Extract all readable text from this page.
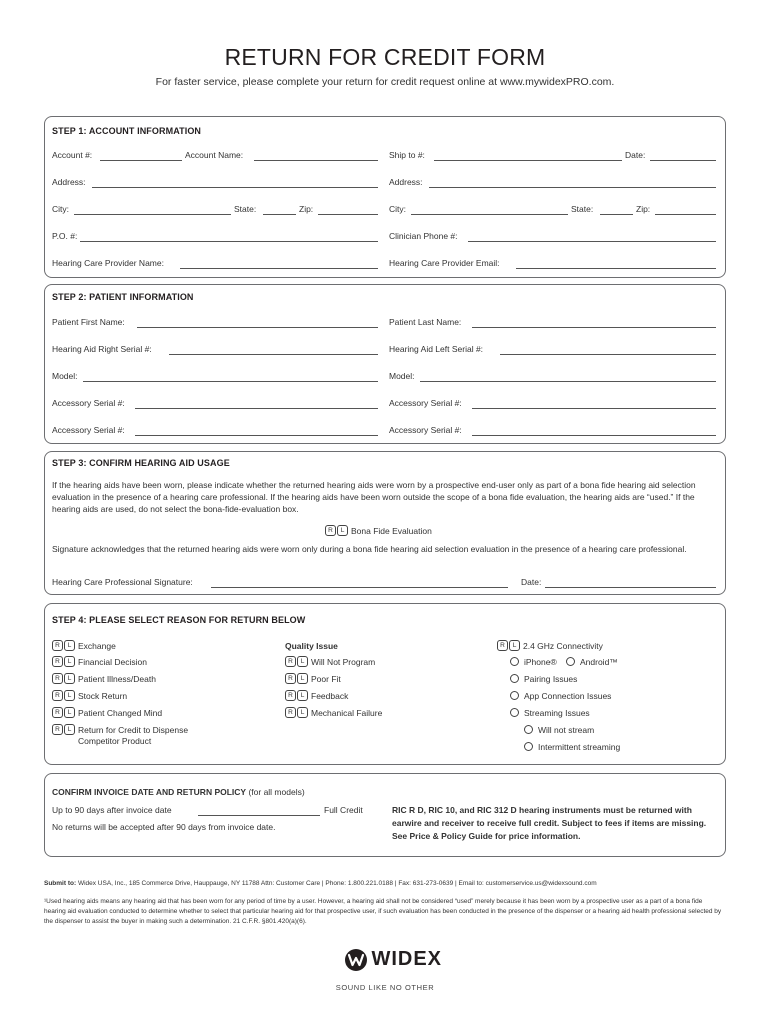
RETURN FOR CREDIT FORM
For faster service, please complete your return for credit request online at www.mywidexPRO.com.
STEP 1: ACCOUNT INFORMATION
Account #:	Account Name:	Ship to #:	Date:
Address:	Address:
City:	State:	Zip:	City:	State:	Zip:
P.O. #:	Clinician Phone #:
Hearing Care Provider Name:	Hearing Care Provider Email:
STEP 2: PATIENT INFORMATION
Patient First Name:	Patient Last Name:
Hearing Aid Right Serial #:	Hearing Aid Left Serial #:
Model:	Model:
Accessory Serial #:	Accessory Serial #:
Accessory Serial #:	Accessory Serial #:
STEP 3: CONFIRM HEARING AID USAGE
If the hearing aids have been worn, please indicate whether the returned hearing aids were worn by a prospective end-user only as part of a bona fide hearing aid selection evaluation in the presence of a hearing care professional. If the hearing aids have been worn outside the scope of a bona fide evaluation, the hearing aids are “used.” If the hearing aids are used, do not select the bona-fide-evaluation box.
R L Bona Fide Evaluation
Signature acknowledges that the returned hearing aids were worn only during a bona fide hearing aid selection evaluation in the presence of a hearing care professional.
Hearing Care Professional Signature:	Date:
STEP 4: PLEASE SELECT REASON FOR RETURN BELOW
R L Exchange
R L Financial Decision
R L Patient Illness/Death
R L Stock Return
R L Patient Changed Mind
R L Return for Credit to Dispense
Competitor Product
Quality Issue
R L Will Not Program
R L Poor Fit
R L Feedback
R L Mechanical Failure
R L 2.4 GHz Connectivity
iPhone®	Android™
Pairing Issues
App Connection Issues
Streaming Issues
Will not stream
Intermittent streaming
CONFIRM INVOICE DATE AND RETURN POLICY (for all models)
Up to 90 days after invoice date	Full Credit
No returns will be accepted after 90 days from invoice date.
RIC R D, RIC 10, and RIC 312 D hearing instruments must be returned with earwire and receiver to receive full credit. Subject to fees if items are missing. See Price & Policy Guide for price information.
Submit to: Widex USA, Inc., 185 Commerce Drive, Hauppauge, NY 11788 Attn: Customer Care | Phone: 1.800.221.0188 | Fax: 631-273-0639 | Email to: customerservice.us@widexsound.com
¹Used hearing aids means any hearing aid that has been worn for any period of time by a user. However, a hearing aid shall not be considered “used” merely because it has been worn by a prospective user as a part of a bona fide hearing aid evaluation conducted to determine whether to select that particular hearing aid for that prospective user, if such evaluation has been conducted in the presence of the dispenser or a hearing aid health professional selected by the dispenser to assist the buyer in making such a determination. 21 C.F.R. §801.420(a)(6).
WIDEX
SOUND LIKE NO OTHER
